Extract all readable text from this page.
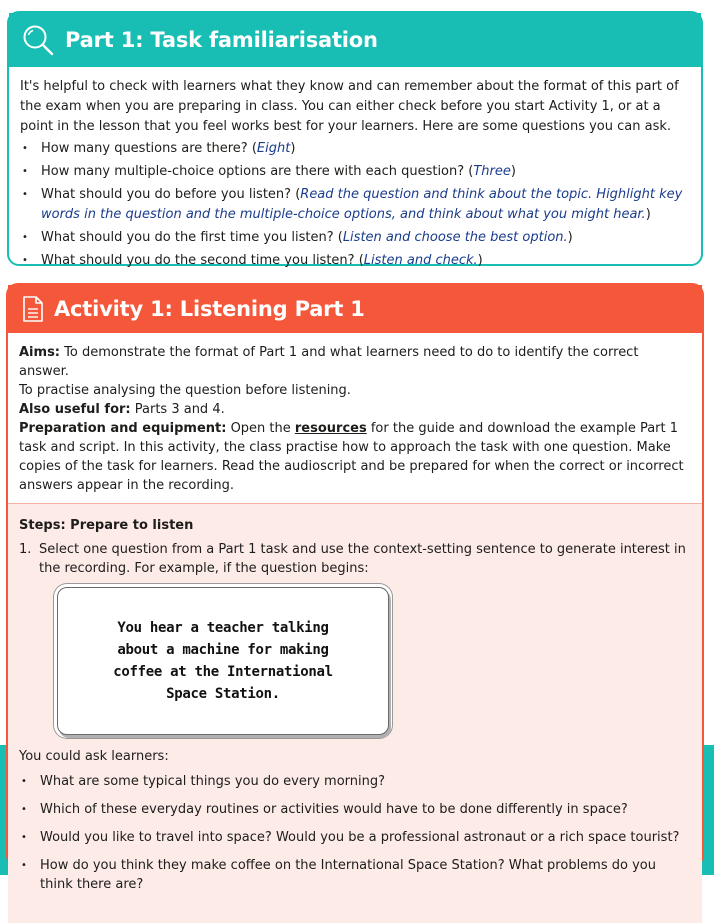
Part 1: Task familiarisation

It's helpful to check with learners what they know and can remember about the format of this part of the exam when you are preparing in class. You can either check before you start Activity 1, or at a point in the lesson that you feel works best for your learners. Here are some questions you can ask.

• How many questions are there? (Eight)
• How many multiple-choice options are there with each question? (Three)
• What should you do before you listen? (Read the question and think about the topic. Highlight key words in the question and the multiple-choice options, and think about what you might hear.)
• What should you do the first time you listen? (Listen and choose the best option.)
• What should you do the second time you listen? (Listen and check.)
Activity 1: Listening Part 1

Aims: To demonstrate the format of Part 1 and what learners need to do to identify the correct answer.

To practise analysing the question before listening.

Also useful for: Parts 3 and 4.

Preparation and equipment: Open the resources for the guide and download the example Part 1 task and script. In this activity, the class practise how to approach the task with one question. Make copies of the task for learners. Read the audioscript and be prepared for when the correct or incorrect answers appear in the recording.

Steps: Prepare to listen
1. Select one question from a Part 1 task and use the context-setting sentence to generate interest in the recording. For example, if the question begins:
You hear a teacher talking about a machine for making coffee at the International Space Station.

You could ask learners:

• What are some typical things you do every morning?
• Which of these everyday routines or activities would have to be done differently in space?
• Would you like to travel into space? Would you be a professional astronaut or a rich space tourist?
• How do you think they make coffee on the International Space Station? What problems do you think there are?
